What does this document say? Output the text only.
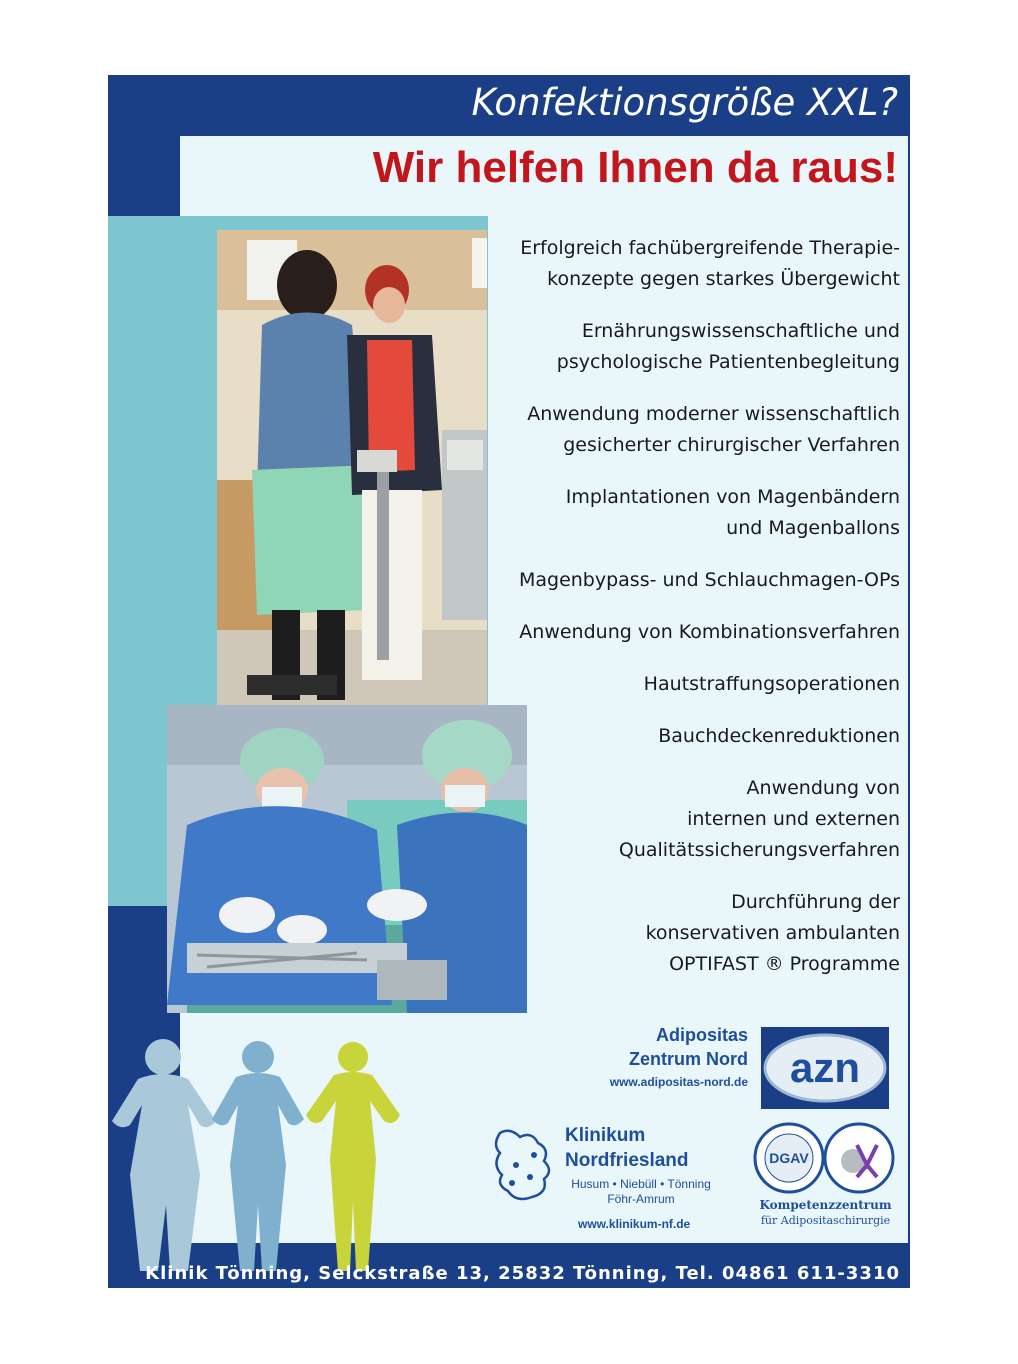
Konfektionsgröße XXL?
Wir helfen Ihnen da raus!
Erfolgreich fachübergreifende Therapie-
konzepte gegen starkes Übergewicht
Ernährungswissenschaftliche und
psychologische Patientenbegleitung
Anwendung moderner wissenschaftlich
gesicherter chirurgischer Verfahren
Implantationen von Magenbändern
und Magenballons
Magenbypass- und Schlauchmagen-OPs
Anwendung von Kombinationsverfahren
Hautstraffungsoperationen
Bauchdeckenreduktionen
Anwendung von
internen und externen
Qualitätssicherungsverfahren
Durchführung der
konservativen ambulanten
OPTIFAST ® Programme
Adipositas
Zentrum Nord
www.adipositas-nord.de azn
Klinikum
Nordfriesland
Husum • Niebüll • Tönning
Föhr-Amrum
www.klinikum-nf.de
DGAV
Kompetenzzentrum
für Adipositaschirurgie
Klinik Tönning, Selckstraße 13, 25832 Tönning, Tel. 04861 611-3310
